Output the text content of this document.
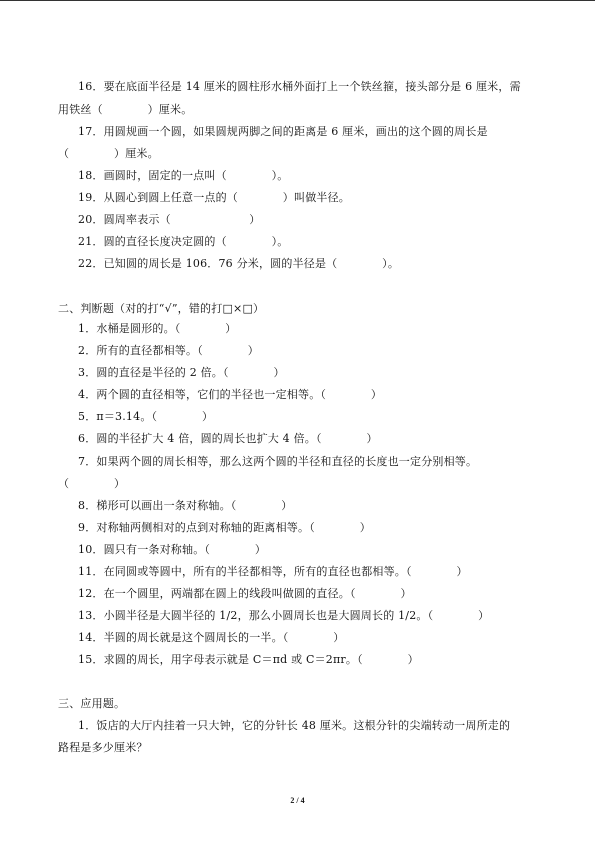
16．要在底面半径是 14 厘米的圆柱形水桶外面打上一个铁丝箍，接头部分是 6 厘米，需
用铁丝（　　　　）厘米。
17．用圆规画一个圆，如果圆规两脚之间的距离是 6 厘米，画出的这个圆的周长是
（　　　　）厘米。
18．画圆时，固定的一点叫（　　　　）。
19．从圆心到圆上任意一点的（　　　　）叫做半径。
20．圆周率表示（　　　　　　　）
21．圆的直径长度决定圆的（　　　　）。
22．已知圆的周长是 106．76 分米，圆的半径是（　　　　）。
二、判断题（对的打“√”，错的打□×□）
1．水桶是圆形的。（　　　　）
2．所有的直径都相等。（　　　　）
3．圆的直径是半径的 2 倍。（　　　　）
4．两个圆的直径相等，它们的半径也一定相等。（　　　　）
5．π＝3.14。（　　　　）
6．圆的半径扩大 4 倍，圆的周长也扩大 4 倍。（　　　　）
7．如果两个圆的周长相等，那么这两个圆的半径和直径的长度也一定分别相等。
（　　　　）
8．梯形可以画出一条对称轴。（　　　　）
9．对称轴两侧相对的点到对称轴的距离相等。（　　　　）
10．圆只有一条对称轴。（　　　　）
11．在同圆或等圆中，所有的半径都相等，所有的直径也都相等。（　　　　）
12．在一个圆里，两端都在圆上的线段叫做圆的直径。（　　　　）
13．小圆半径是大圆半径的 1/2，那么小圆周长也是大圆周长的 1/2。（　　　　）
14．半圆的周长就是这个圆周长的一半。（　　　　）
15．求圆的周长，用字母表示就是 C＝πd 或 C＝2πr。（　　　　）
三、应用题。
1．饭店的大厅内挂着一只大钟，它的分针长 48 厘米。这根分针的尖端转动一周所走的
路程是多少厘米？
2 / 4
